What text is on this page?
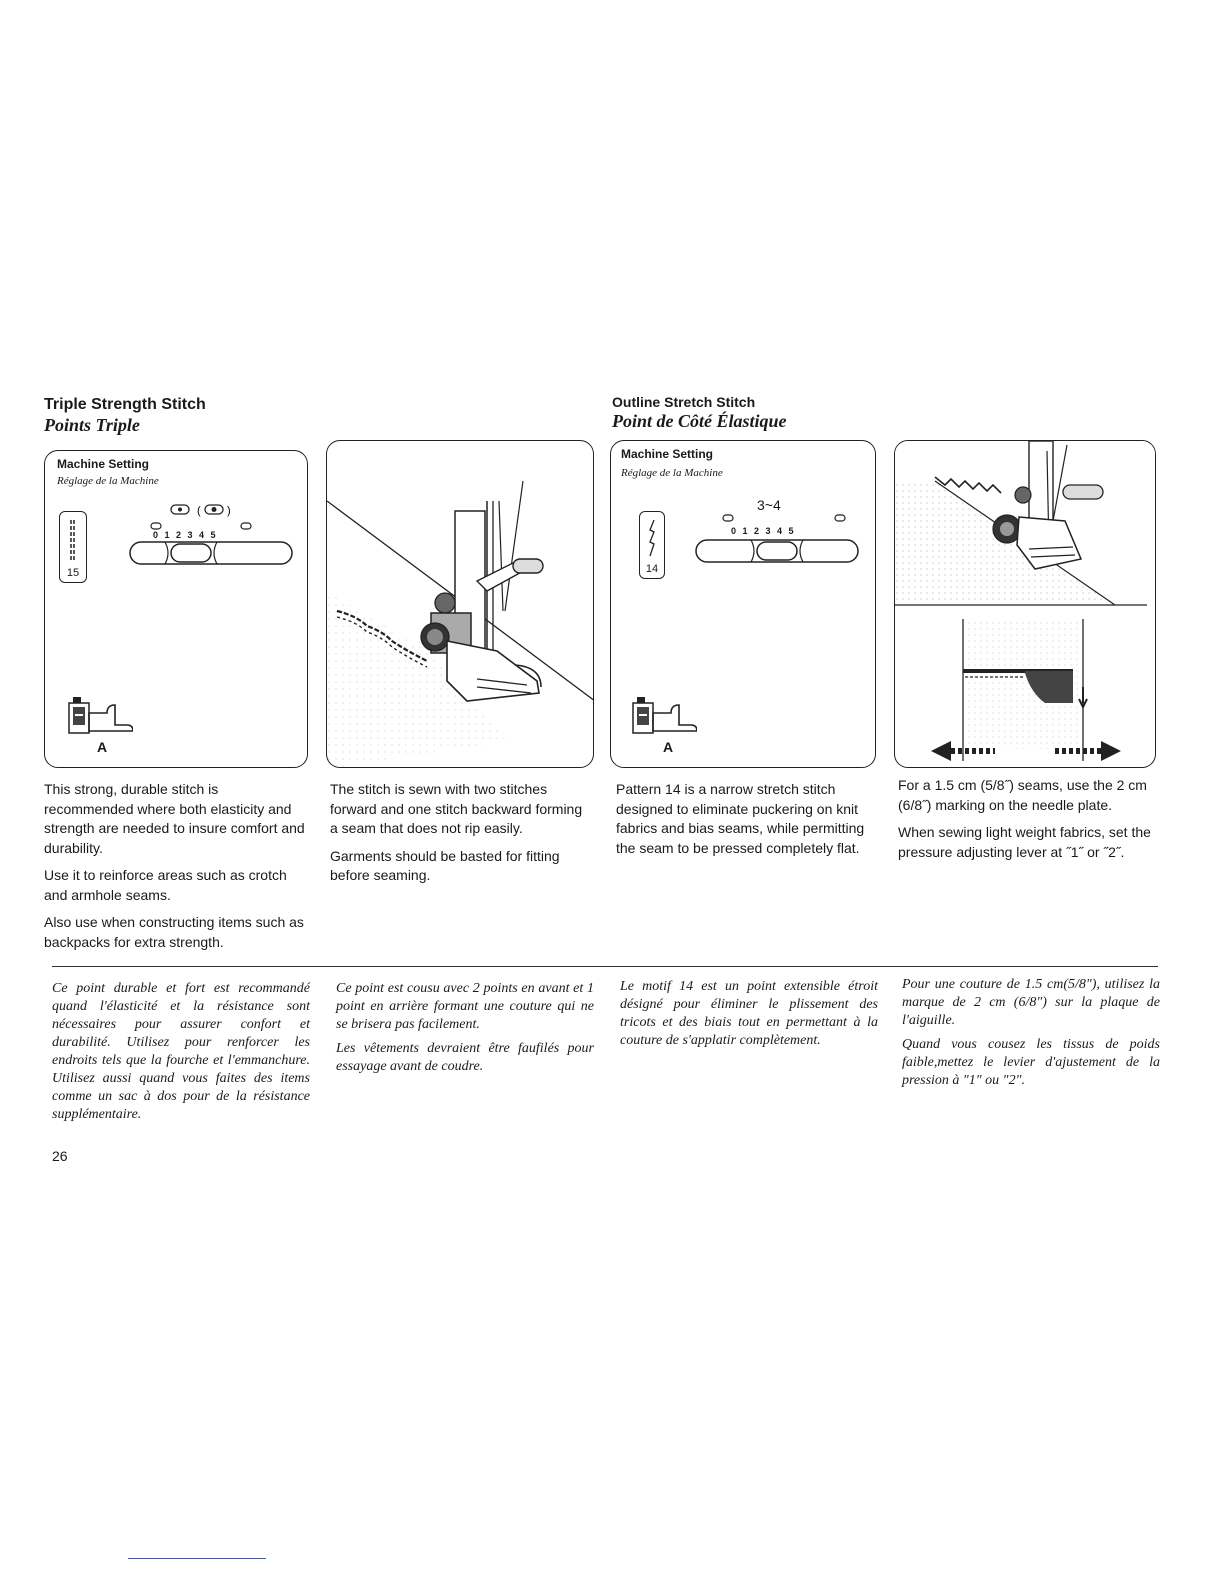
Triple Strength Stitch
Points Triple
Outline Stretch Stitch
Point de Côté Élastique
Machine Setting
Réglage de la Machine
15
( )
0 1 2 3 4 5
A
Machine Setting
Réglage de la Machine
14
3~4
0 1 2 3 4 5
A

This strong, durable stitch is recommended where both elasticity and strength are needed to insure comfort and durability.

Use it to reinforce areas such as crotch and armhole seams.

Also use when constructing items such as backpacks for extra strength.

The stitch is sewn with two stitches forward and one stitch backward forming a seam that does not rip easily.

Garments should be basted for fitting before seaming.

Pattern 14 is a narrow stretch stitch designed to eliminate puckering on knit fabrics and bias seams, while permitting the seam to be pressed completely flat.

For a 1.5 cm (5/8˝) seams, use the 2 cm (6/8˝) marking on the needle plate.

When sewing light weight fabrics, set the pressure adjusting lever at ˝1˝ or ˝2˝.

Ce point durable et fort est recommandé quand l'élasticité et la résistance sont nécessaires pour assurer confort et durabilité. Utilisez pour renforcer les endroits tels que la fourche et l'emmanchure. Utilisez aussi quand vous faites des items comme un sac à dos pour de la résistance supplémentaire.

Ce point est cousu avec 2 points en avant et 1 point en arrière formant une couture qui ne se brisera pas facilement.

Les vêtements devraient être faufilés pour essayage avant de coudre.

Le motif 14 est un point extensible étroit désigné pour éliminer le plissement des tricots et des biais tout en permettant à la couture de s'applatir complètement.

Pour une couture de 1.5 cm(5/8"), utilisez la marque de 2 cm (6/8") sur la plaque de l'aiguille.

Quand vous cousez les tissus de poids faible,mettez le levier d'ajustement de la pression à "1" ou "2".

26
